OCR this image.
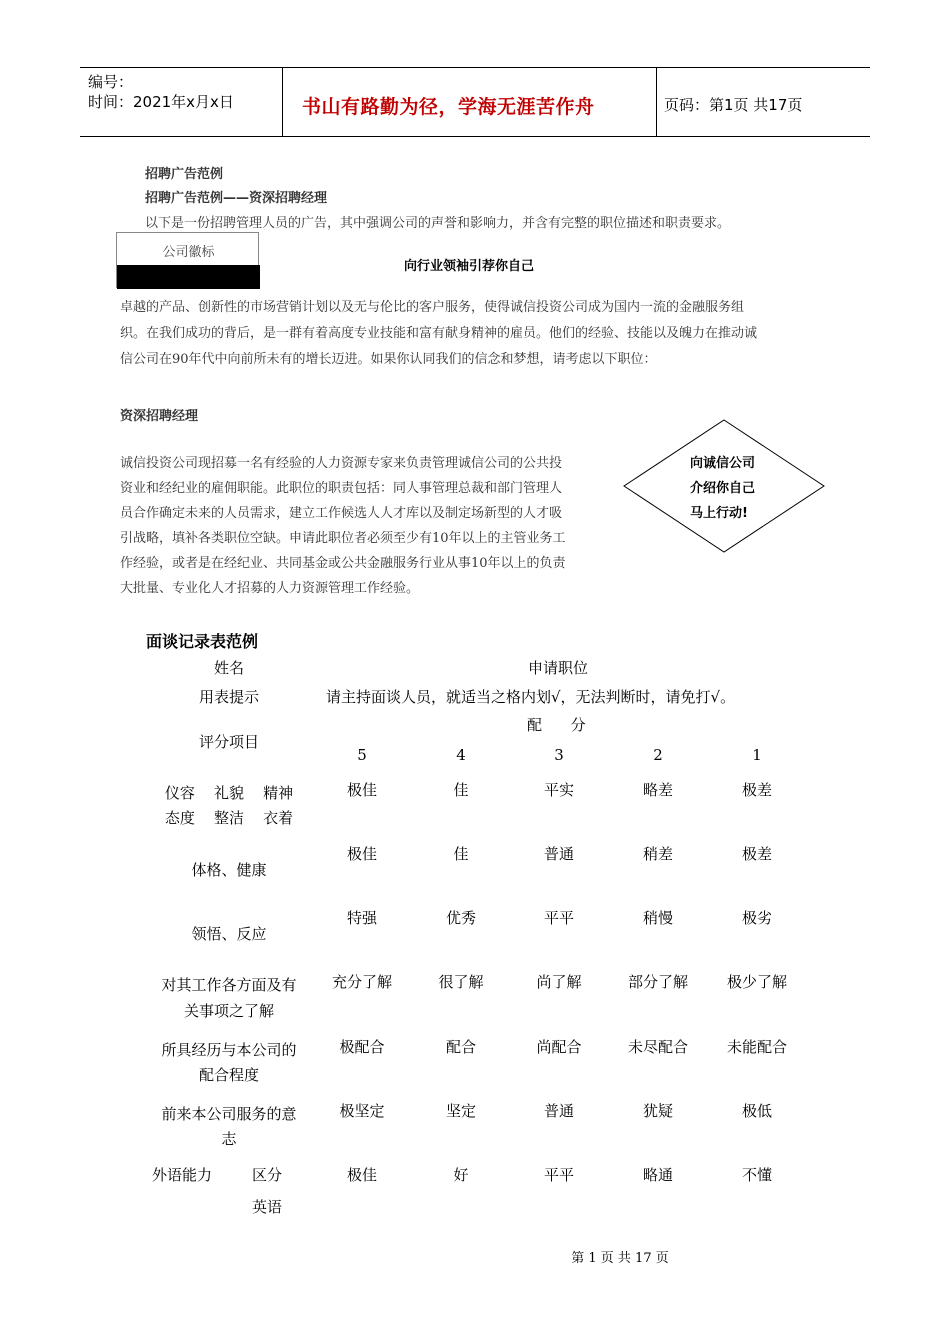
编号：
时间：2021年x月x日	书山有路勤为径，学海无涯苦作舟	页码：第1页 共17页
招聘广告范例
招聘广告范例——资深招聘经理
以下是一份招聘管理人员的广告，其中强调公司的声誉和影响力，并含有完整的职位描述和职责要求。
公司徽标
向行业领袖引荐你自己
卓越的产品、创新性的市场营销计划以及无与伦比的客户服务，使得诚信投资公司成为国内一流的金融服务组
织。在我们成功的背后，是一群有着高度专业技能和富有献身精神的雇员。他们的经验、技能以及魄力在推动诚
信公司在90年代中向前所未有的增长迈进。如果你认同我们的信念和梦想，请考虑以下职位：
资深招聘经理
诚信投资公司现招募一名有经验的人力资源专家来负责管理诚信公司的公共投
资业和经纪业的雇佣职能。此职位的职责包括：同人事管理总裁和部门管理人
员合作确定未来的人员需求，建立工作候选人人才库以及制定场新型的人才吸
引战略，填补各类职位空缺。申请此职位者必须至少有10年以上的主管业务工
作经验，或者是在经纪业、共同基金或公共金融服务行业从事10年以上的负责
大批量、专业化人才招募的人力资源管理工作经验。
向诚信公司
介绍你自己
马上行动!
面谈记录表范例
姓名	申请职位
用表提示	请主持面谈人员，就适当之格内划√，无法判断时，请免打√。
配      分
评分项目
5	4	3	2	1
仪容    礼貌    精神
态度    整洁    衣着
极佳	佳	平实	略差	极差
体格、健康
极佳	佳	普通	稍差	极差
领悟、反应
特强	优秀	平平	稍慢	极劣
对其工作各方面及有
关事项之了解
充分了解	很了解	尚了解	部分了解	极少了解
所具经历与本公司的
配合程度
极配合	配合	尚配合	未尽配合	未能配合
前来本公司服务的意
志
极坚定	坚定	普通	犹疑	极低
外语能力	区分
英语
极佳	好	平平	略通	不懂
第 1 页 共 17 页
